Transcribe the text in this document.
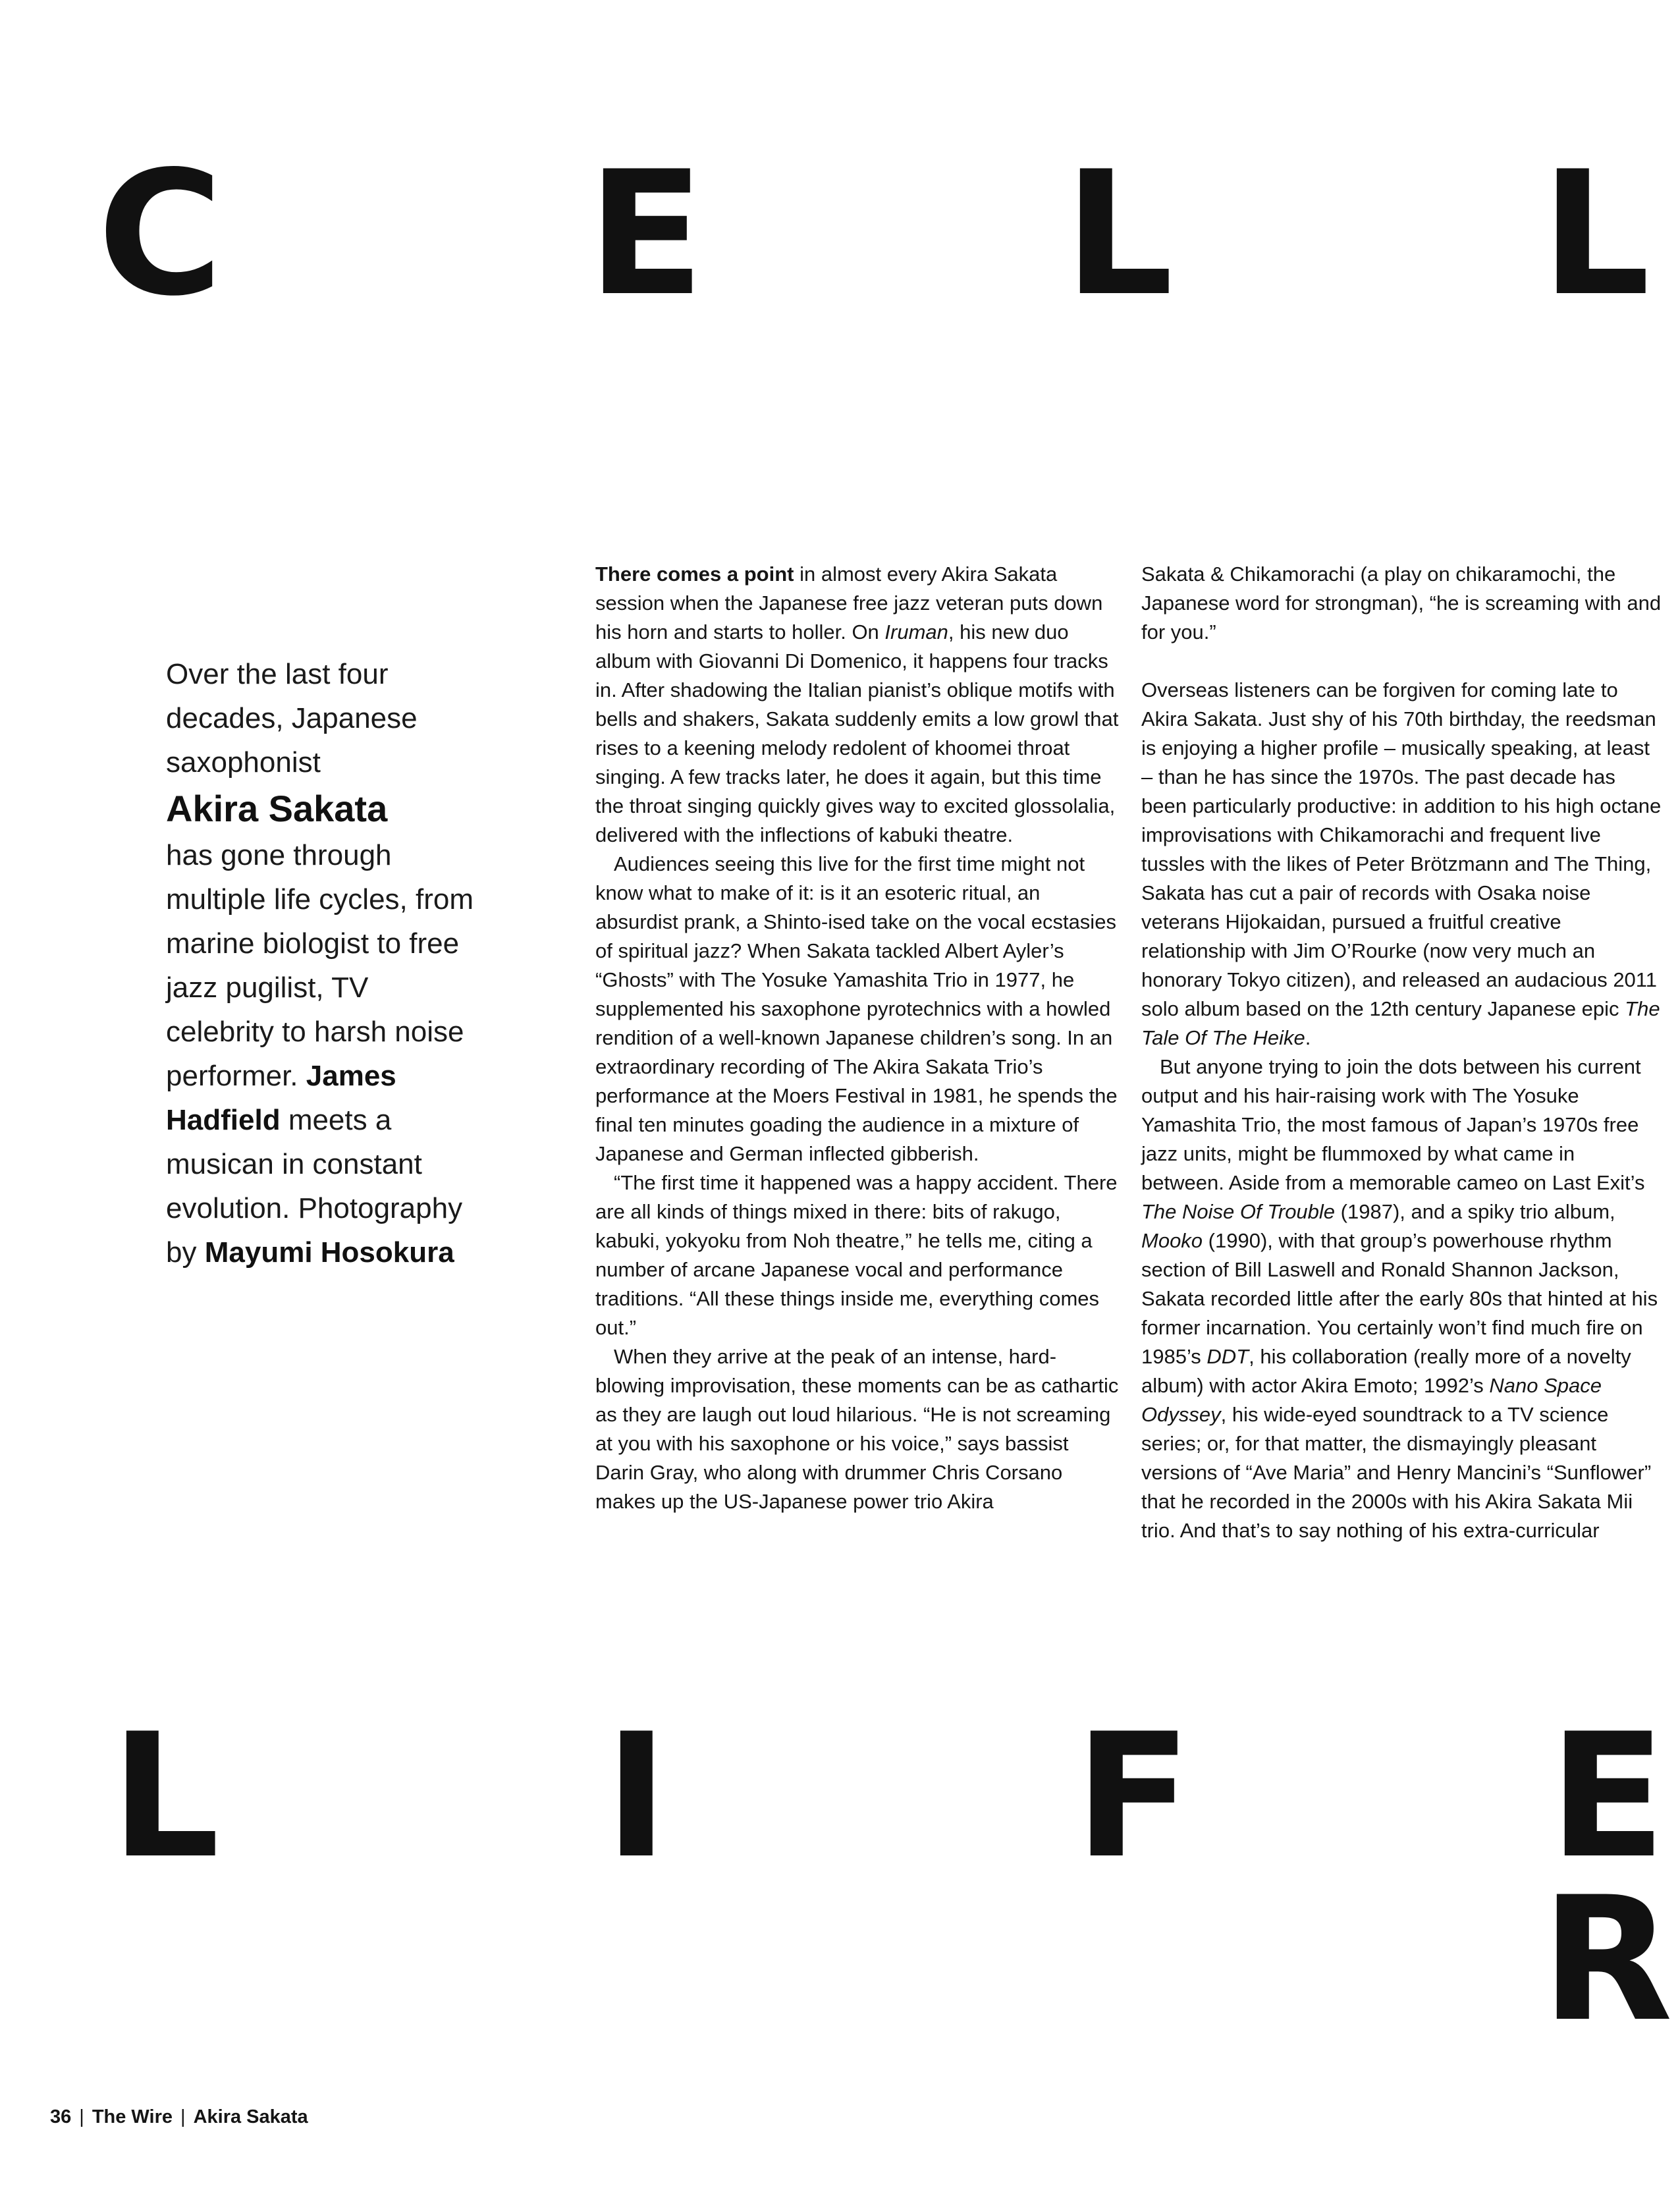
C E L L

Over the last four decades, Japanese saxophonist
Akira Sakata
has gone through multiple life cycles, from marine biologist to free jazz pugilist, TV celebrity to harsh noise performer. James Hadfield meets a musican in constant evolution. Photography by Mayumi Hosokura

There comes a point in almost every Akira Sakata session when the Japanese free jazz veteran puts down his horn and starts to holler. On Iruman, his new duo album with Giovanni Di Domenico, it happens four tracks in. After shadowing the Italian pianist’s oblique motifs with bells and shakers, Sakata suddenly emits a low growl that rises to a keening melody redolent of khoomei throat singing. A few tracks later, he does it again, but this time the throat singing quickly gives way to excited glossolalia, delivered with the inflections of kabuki theatre.

Audiences seeing this live for the first time might not know what to make of it: is it an esoteric ritual, an absurdist prank, a Shinto-ised take on the vocal ecstasies of spiritual jazz? When Sakata tackled Albert Ayler’s “Ghosts” with The Yosuke Yamashita Trio in 1977, he supplemented his saxophone pyrotechnics with a howled rendition of a well-known Japanese children’s song. In an extraordinary recording of The Akira Sakata Trio’s performance at the Moers Festival in 1981, he spends the final ten minutes goading the audience in a mixture of Japanese and German inflected gibberish.

“The first time it happened was a happy accident. There are all kinds of things mixed in there: bits of rakugo, kabuki, yokyoku from Noh theatre,” he tells me, citing a number of arcane Japanese vocal and performance traditions. “All these things inside me, everything comes out.”

When they arrive at the peak of an intense, hard-blowing improvisation, these moments can be as cathartic as they are laugh out loud hilarious. “He is not screaming at you with his saxophone or his voice,” says bassist Darin Gray, who along with drummer Chris Corsano makes up the US-Japanese power trio Akira

Sakata & Chikamorachi (a play on chikaramochi, the Japanese word for strongman), “he is screaming with and for you.”

Overseas listeners can be forgiven for coming late to Akira Sakata. Just shy of his 70th birthday, the reedsman is enjoying a higher profile – musically speaking, at least – than he has since the 1970s. The past decade has been particularly productive: in addition to his high octane improvisations with Chikamorachi and frequent live tussles with the likes of Peter Brötzmann and The Thing, Sakata has cut a pair of records with Osaka noise veterans Hijokaidan, pursued a fruitful creative relationship with Jim O’Rourke (now very much an honorary Tokyo citizen), and released an audacious 2011 solo album based on the 12th century Japanese epic The Tale Of The Heike.

But anyone trying to join the dots between his current output and his hair-raising work with The Yosuke Yamashita Trio, the most famous of Japan’s 1970s free jazz units, might be flummoxed by what came in between. Aside from a memorable cameo on Last Exit’s The Noise Of Trouble (1987), and a spiky trio album, Mooko (1990), with that group’s powerhouse rhythm section of Bill Laswell and Ronald Shannon Jackson, Sakata recorded little after the early 80s that hinted at his former incarnation. You certainly won’t find much fire on 1985’s DDT, his collaboration (really more of a novelty album) with actor Akira Emoto; 1992’s Nano Space Odyssey, his wide-eyed soundtrack to a TV science series; or, for that matter, the dismayingly pleasant versions of “Ave Maria” and Henry Mancini’s “Sunflower” that he recorded in the 2000s with his Akira Sakata Mii trio. And that’s to say nothing of his extra-curricular

L I F E
R

36 | The Wire | Akira Sakata
